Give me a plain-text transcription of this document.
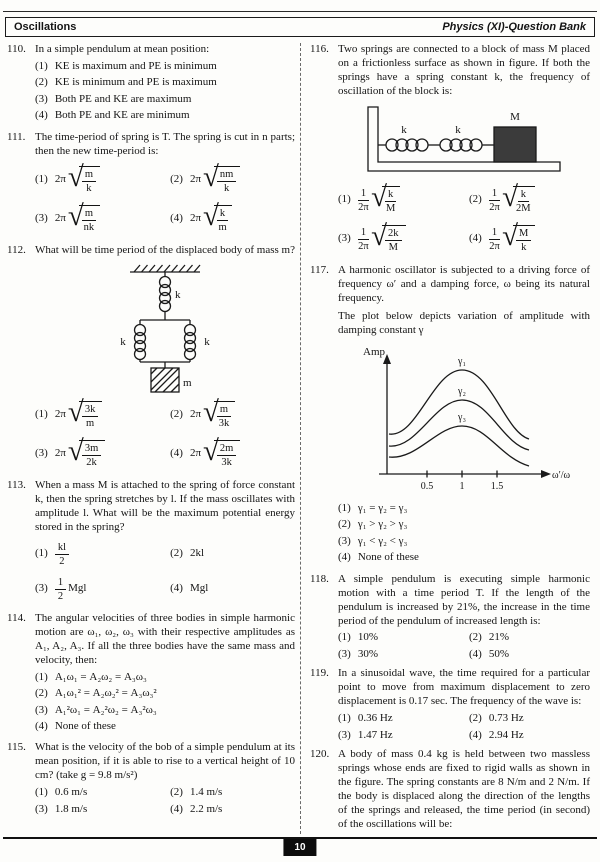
Oscillations	Physics (XI)-Question Bank
110. In a simple pendulum at mean position:
(1) KE is maximum and PE is minimum
(2) KE is minimum and PE is maximum
(3) Both PE and KE are maximum
(4) Both PE and KE are minimum
111. The time-period of spring is T. The spring is cut in n parts; then the new time-period is:
(1) 2π √
$\frac{m}{k}$	(2) 2π √
$\frac{nm}{k}$
(3) 2π √
$\frac{m}{nk}$	(4) 2π √
$\frac{k}{m}$
112. What will be time period of the displaced body of mass m?
k
k	k
m
(1) 2π √
$\frac{3k}{m}$	(2) 2π √
$\frac{m}{3k}$
(3) 2π √
$\frac{3m}{2k}$	(4) 2π √
$\frac{2m}{3k}$
113. When a mass M is attached to the spring of force constant k, then the spring stretches by l. If the mass oscillates with amplitude l. What will be the maximum potential energy stored in the spring?
$(1) \frac{kl}{2}$	(2) 2kl
$(3) \frac{1}{2}$ Mgl	(4) Mgl
114. The angular velocities of three bodies in simple harmonic motion are ω₁, ω₂, ω₃ with their respective amplitudes as A₁, A₂, A₃. If all the three bodies have the same mass and velocity, then:
(1) A₁ω₁ = A₂ω₂ = A₃ω₃
(2) A₁ω₁² = A₂ω₂² = A₃ω₃²
(3) A₁²ω₁ = A₂²ω₂ = A₃²ω₃
(4) None of these
115. What is the velocity of the bob of a simple pendulum at its mean position, if it is able to rise to a vertical height of 10 cm? (take g = 9.8 m/s²)
(1) 0.6 m/s	(2) 1.4 m/s
(3) 1.8 m/s	(4) 2.2 m/s
116. Two springs are connected to a block of mass M placed on a frictionless surface as shown in figure. If both the springs have a spring constant k, the frequency of oscillation of the block is:
k	k
M
$(1) \frac{1}{2\pi}$ √
$\frac{k}{M}$	$(2) \frac{1}{2\pi}$ √
$\frac{k}{2M}$
$(3) \frac{1}{2\pi}$ √
$\frac{2k}{M}$	$(4) \frac{1}{2\pi}$ √
$\frac{M}{k}$
117. A harmonic oscillator is subjected to a driving force of frequency ω′ and a damping force, ω being its natural frequency.
The plot below depicts variation of amplitude with damping constant γ
Amp
ω′/ω
0.5	1	1.5
γ₁
γ₂
γ₃
(1) γ₁ = γ₂ = γ₃
(2) γ₁ > γ₂ > γ₃
(3) γ₁ < γ₂ < γ₃
(4) None of these
118. A simple pendulum is executing simple harmonic motion with a time period T. If the length of the pendulum is increased by 21%, the increase in the time period of the pendulum of increased length is:
(1) 10%	(2) 21%
(3) 30%	(4) 50%
119. In a sinusoidal wave, the time required for a particular point to move from maximum displacement to zero displacement is 0.17 sec. The frequency of the wave is:
(1) 0.36 Hz	(2) 0.73 Hz
(3) 1.47 Hz	(4) 2.94 Hz
120. A body of mass 0.4 kg is held between two massless springs whose ends are fixed to rigid walls as shown in the figure. The spring constants are 8 N/m and 2 N/m. If the body is displaced along the direction of the lengths of the springs and released, the time period (in second) of the oscillations will be:
10
